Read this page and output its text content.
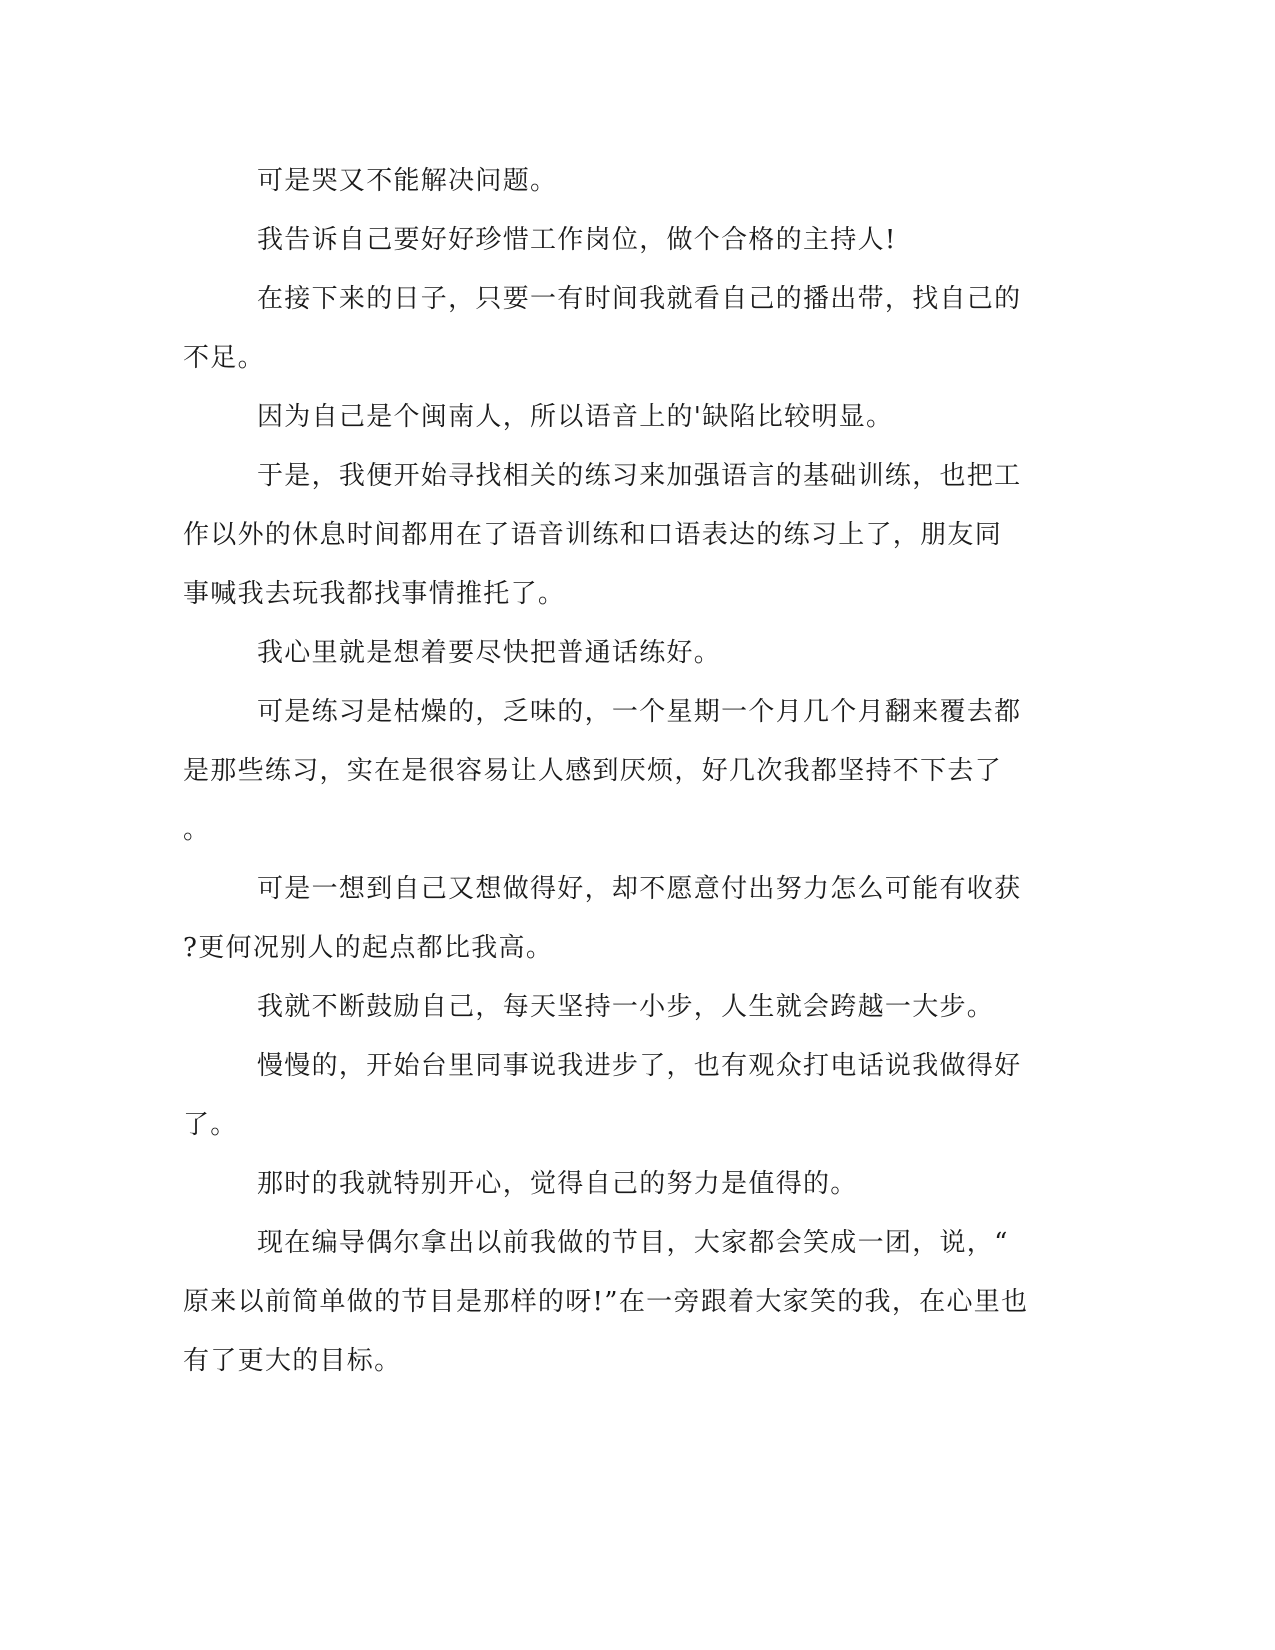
可是哭又不能解决问题。

我告诉自己要好好珍惜工作岗位，做个合格的主持人!

在接下来的日子，只要一有时间我就看自己的播出带，找自己的

不足。

因为自己是个闽南人，所以语音上的'缺陷比较明显。

于是，我便开始寻找相关的练习来加强语言的基础训练，也把工

作以外的休息时间都用在了语音训练和口语表达的练习上了，朋友同

事喊我去玩我都找事情推托了。

我心里就是想着要尽快把普通话练好。

可是练习是枯燥的，乏味的，一个星期一个月几个月翻来覆去都

是那些练习，实在是很容易让人感到厌烦，好几次我都坚持不下去了

。

可是一想到自己又想做得好，却不愿意付出努力怎么可能有收获

?更何况别人的起点都比我高。

我就不断鼓励自己，每天坚持一小步，人生就会跨越一大步。

慢慢的，开始台里同事说我进步了，也有观众打电话说我做得好

了。

那时的我就特别开心，觉得自己的努力是值得的。

现在编导偶尔拿出以前我做的节目，大家都会笑成一团，说，“

原来以前简单做的节目是那样的呀!”在一旁跟着大家笑的我，在心里也

有了更大的目标。
